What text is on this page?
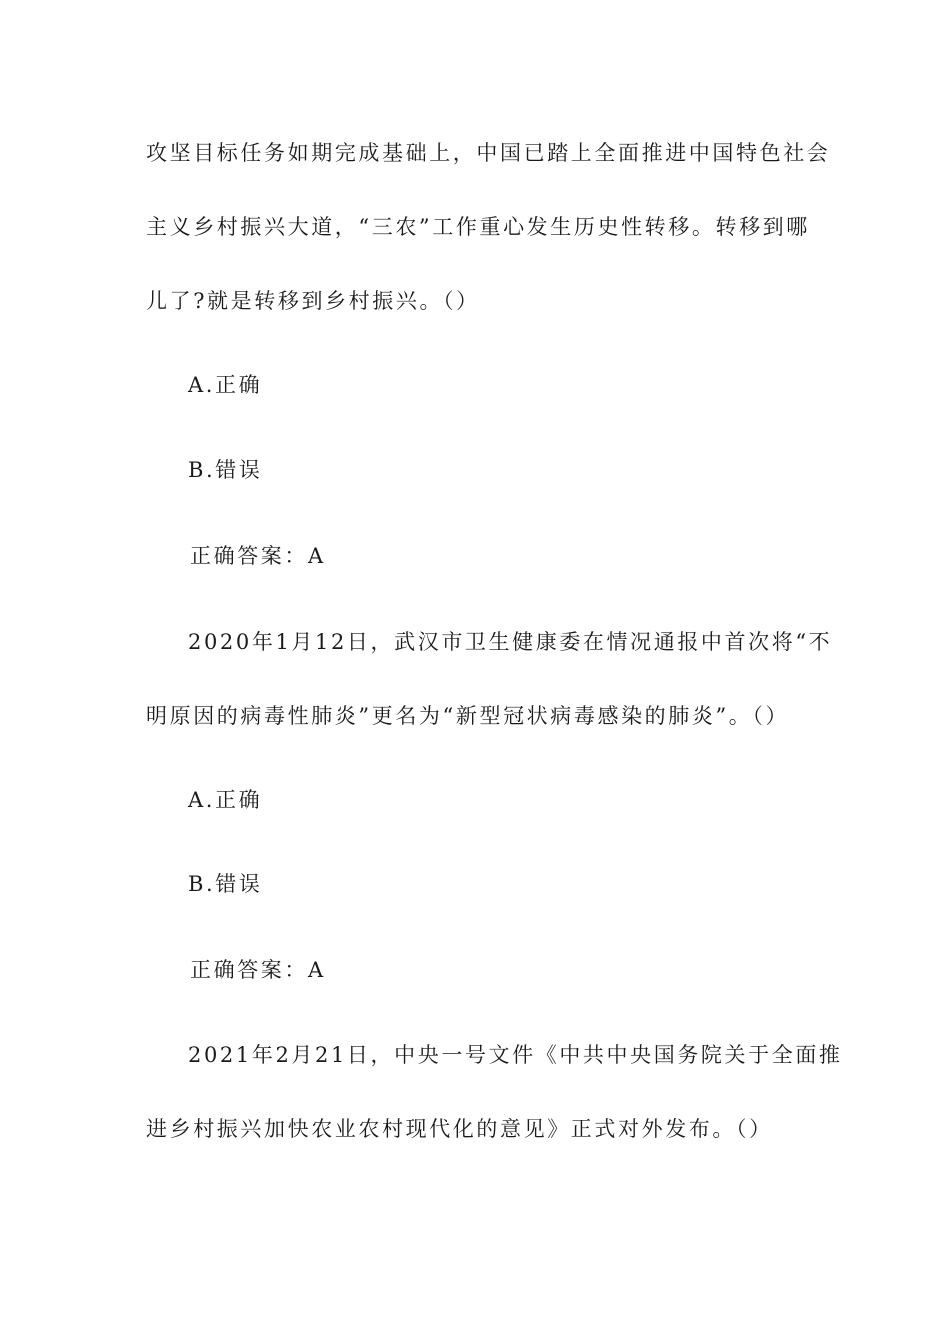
攻坚目标任务如期完成基础上，中国已踏上全面推进中国特色社会
主义乡村振兴大道，“三农”工作重心发生历史性转移。转移到哪
儿了?就是转移到乡村振兴。（）
A.正确
B.错误
正确答案：A
2020年1月12日，武汉市卫生健康委在情况通报中首次将“不
明原因的病毒性肺炎”更名为“新型冠状病毒感染的肺炎”。（）
A.正确
B.错误
正确答案：A
2021年2月21日，中央一号文件《中共中央国务院关于全面推
进乡村振兴加快农业农村现代化的意见》正式对外发布。（）
